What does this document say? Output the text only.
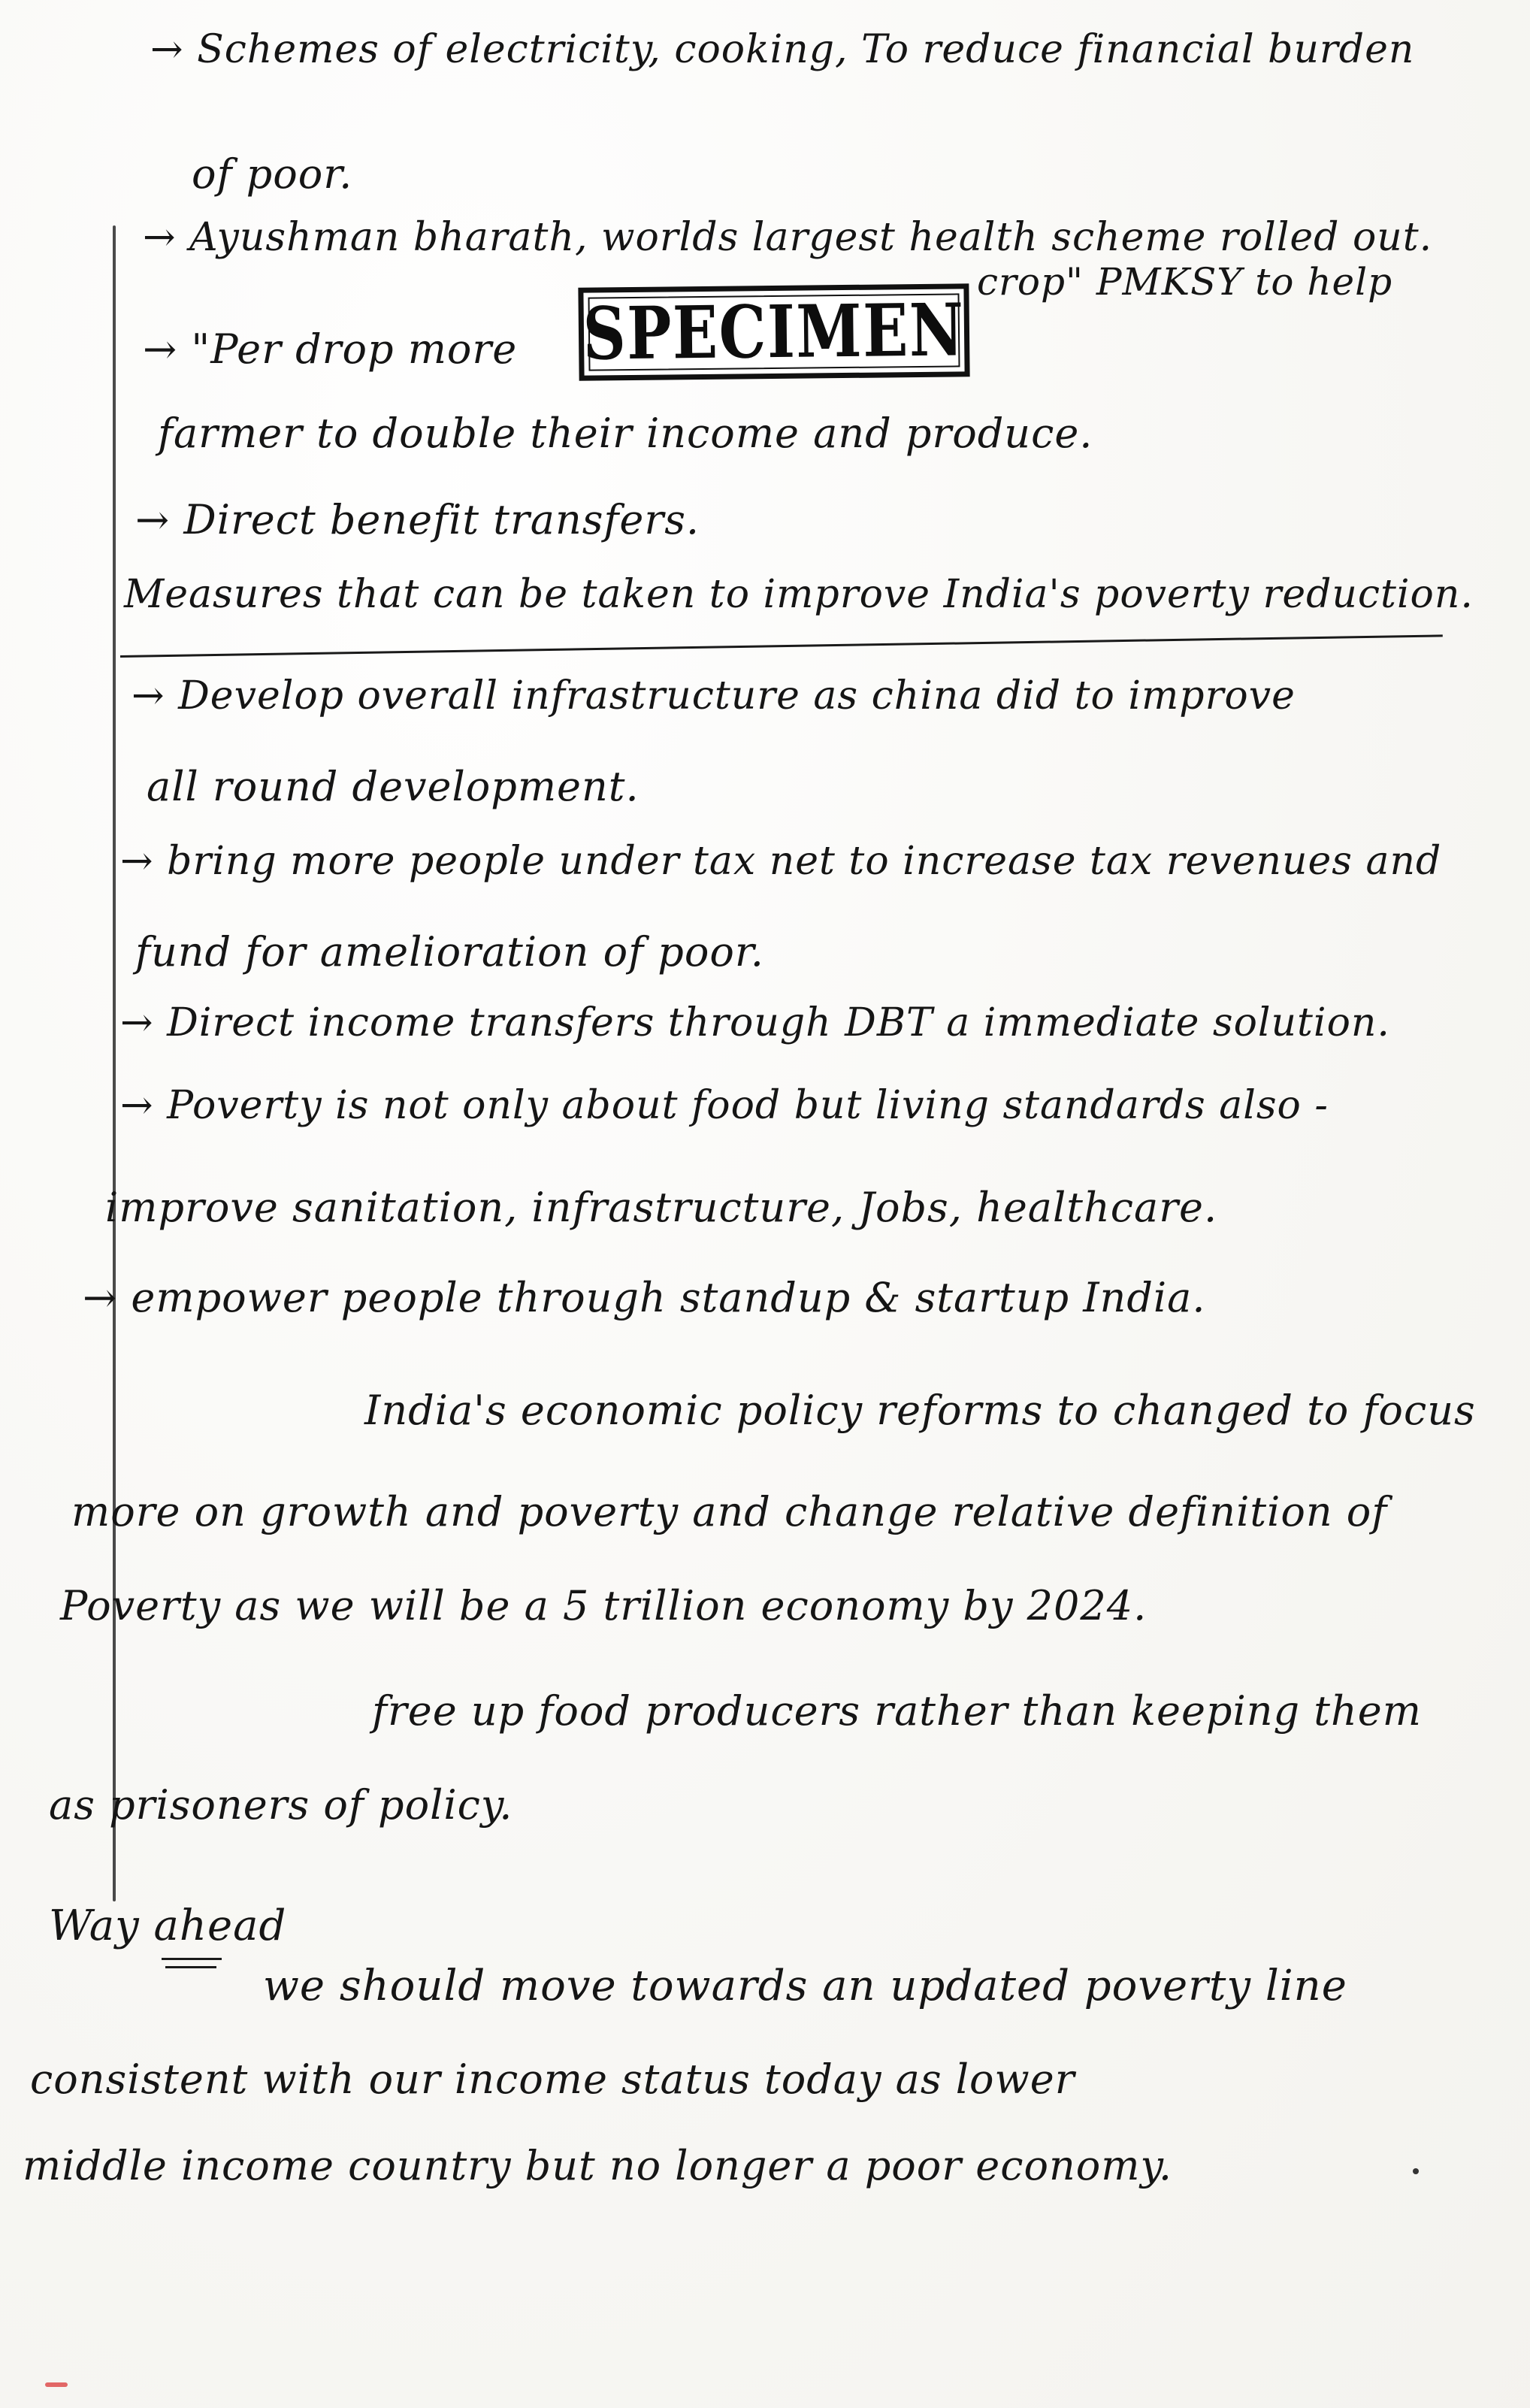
→ Schemes of electricity, cooking, To reduce financial burden
of poor.
→ Ayushman bharath, worlds largest health scheme rolled out.
→ "Per drop more SPECIMEN
crop" PMKSY to help
farmer to double their income and produce.
→ Direct benefit transfers.
Measures that can be taken to improve India's poverty reduction.
→ Develop overall infrastructure as china did to improve
all round development.
→ bring more people under tax net to increase tax revenues and
fund for amelioration of poor.
→ Direct income transfers through DBT a immediate solution.
→ Poverty is not only about food but living standards also -
improve sanitation, infrastructure, Jobs, healthcare.
→ empower people through standup & startup India.
India's economic policy reforms to changed to focus
more on growth and poverty and change relative definition of
Poverty as we will be a 5 trillion economy by 2024.
free up food producers rather than keeping them
as prisoners of policy.
Way ahead
we should move towards an updated poverty line
consistent with our income status today as lower
middle income country but no longer a poor economy.
